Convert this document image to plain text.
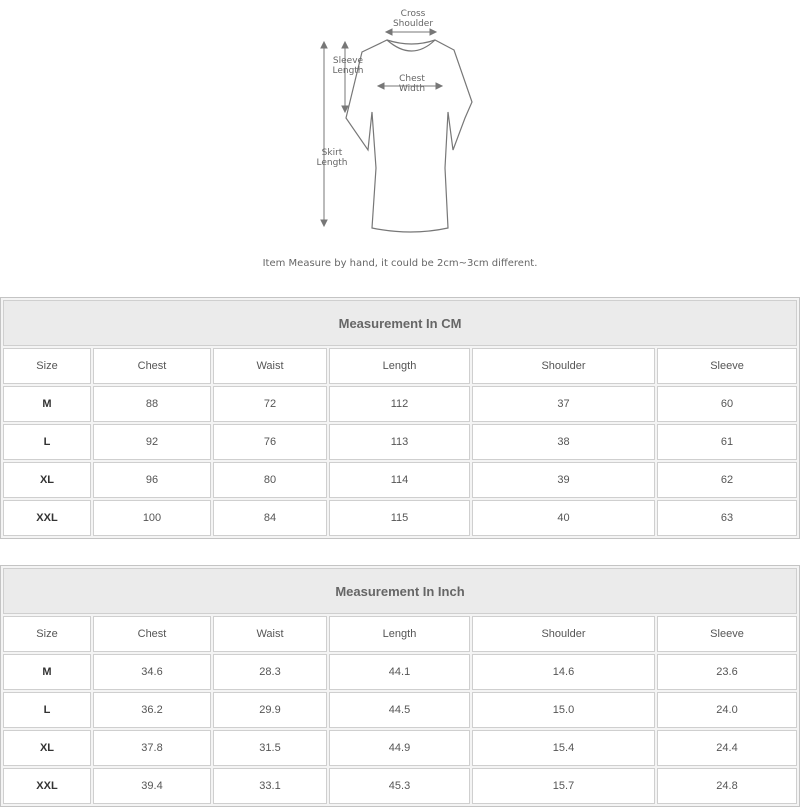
Cross
Shoulder
Sleeve
Length
Chest
Width
Skirt
Length
Item Measure by hand, it could be 2cm~3cm different.
Measurement In CM					
Size	Chest	Waist	Length	Shoulder	Sleeve
M	88	72	112	37	60
L	92	76	113	38	61
XL	96	80	114	39	62
XXL	100	84	115	40	63
Measurement In Inch					
Size	Chest	Waist	Length	Shoulder	Sleeve
M	34.6	28.3	44.1	14.6	23.6
L	36.2	29.9	44.5	15.0	24.0
XL	37.8	31.5	44.9	15.4	24.4
XXL	39.4	33.1	45.3	15.7	24.8
